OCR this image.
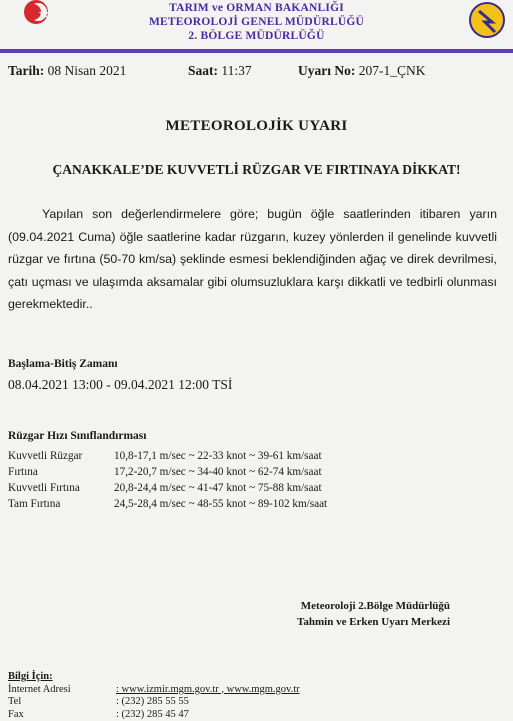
TARIM ve ORMAN BAKANLIĞI
METEOROLOJİ GENEL MÜDÜRLÜĞÜ
2. BÖLGE MÜDÜRLÜĞÜ
Tarih: 08 Nisan 2021	Saat: 11:37	Uyarı No: 207-1_ÇNK
METEOROLOJİK UYARI
ÇANAKKALE’DE KUVVETLİ RÜZGAR VE FIRTINAYA DİKKAT!
Yapılan son değerlendirmelere göre; bugün öğle saatlerinden itibaren yarın (09.04.2021 Cuma) öğle saatlerine kadar rüzgarın, kuzey yönlerden il genelinde kuvvetli rüzgar ve fırtına (50-70 km/sa) şeklinde esmesi beklendiğinden ağaç ve direk devrilmesi, çatı uçması ve ulaşımda aksamalar gibi olumsuzluklara karşı dikkatli ve tedbirli olunması gerekmektedir..
Başlama-Bitiş Zamanı
08.04.2021 13:00 - 09.04.2021 12:00 TSİ
Rüzgar Hızı Sınıflandırması
Kuvvetli Rüzgar	10,8-17,1 m/sec ~ 22-33 knot ~ 39-61 km/saat
Fırtına	17,2-20,7 m/sec ~ 34-40 knot ~ 62-74 km/saat
Kuvvetli Fırtına	20,8-24,4 m/sec ~ 41-47 knot ~ 75-88 km/saat
Tam Fırtına	24,5-28,4 m/sec ~ 48-55 knot ~ 89-102 km/saat
Meteoroloji 2.Bölge Müdürlüğü
Tahmin ve Erken Uyarı Merkezi
Bilgi İçin:
İnternet Adresi	: www.izmir.mgm.gov.tr , www.mgm.gov.tr
Tel	: (232) 285 55 55
Fax	: (232) 285 45 47
